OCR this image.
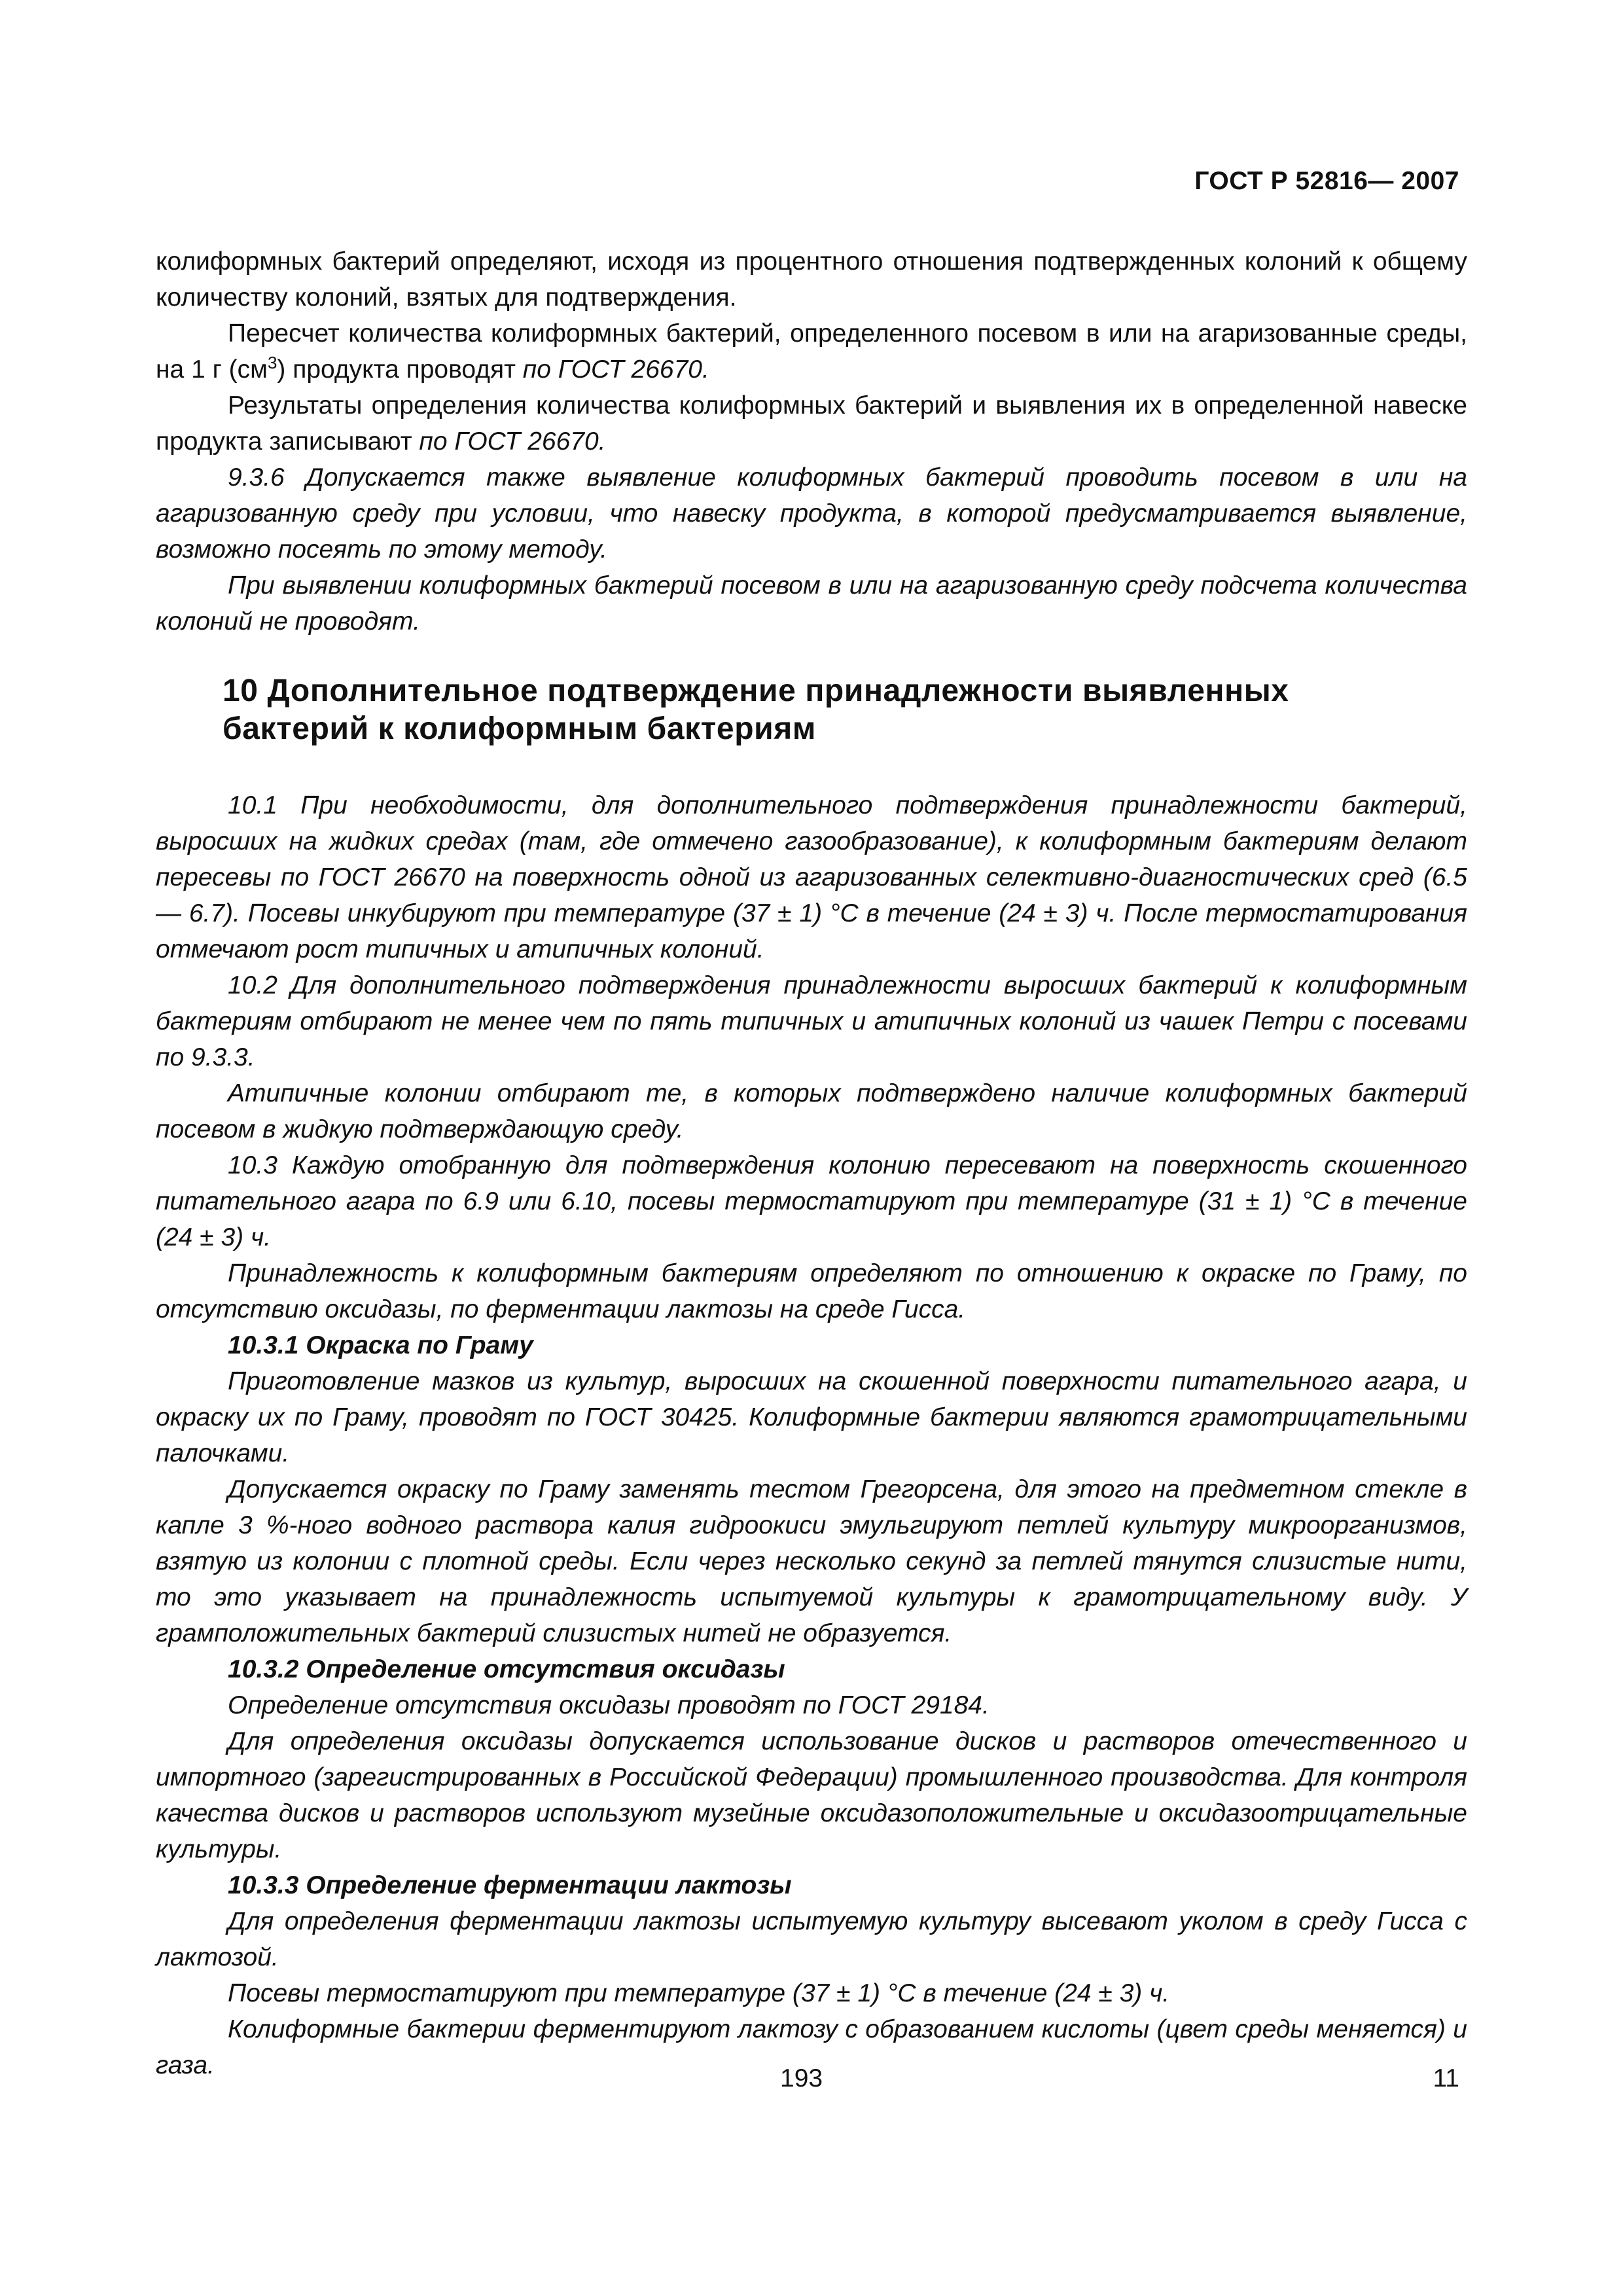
ГОСТ Р 52816— 2007

колиформных бактерий определяют, исходя из процентного отношения подтвержденных колоний к общему количеству колоний, взятых для подтверждения.

Пересчет количества колиформных бактерий, определенного посевом в или на агаризованные среды, на 1 г $(см^3)$ продукта проводят по ГОСТ 26670.

Результаты определения количества колиформных бактерий и выявления их в определенной навеске продукта записывают по ГОСТ 26670.

9.3.6 Допускается также выявление колиформных бактерий проводить посевом в или на агаризованную среду при условии, что навеску продукта, в которой предусматривается выявление, возможно посеять по этому методу.

При выявлении колиформных бактерий посевом в или на агаризованную среду подсчета количества колоний не проводят.

10 Дополнительное подтверждение принадлежности выявленных
бактерий к колиформным бактериям

10.1 При необходимости, для дополнительного подтверждения принадлежности бактерий, выросших на жидких средах (там, где отмечено газообразование), к колиформным бактериям делают пересевы по ГОСТ 26670 на поверхность одной из агаризованных селективно-диагностических сред (6.5 — 6.7). Посевы инкубируют при температуре (37 ± 1) °С в течение (24 ± 3) ч. После термостатирования отмечают рост типичных и атипичных колоний.

10.2 Для дополнительного подтверждения принадлежности выросших бактерий к колиформным бактериям отбирают не менее чем по пять типичных и атипичных колоний из чашек Петри с посевами по 9.3.3.

Атипичные колонии отбирают те, в которых подтверждено наличие колиформных бактерий посевом в жидкую подтверждающую среду.

10.3 Каждую отобранную для подтверждения колонию пересевают на поверхность скошенного питательного агара по 6.9 или 6.10, посевы термостатируют при температуре (31 ± 1) °С в течение (24 ± 3) ч.

Принадлежность к колиформным бактериям определяют по отношению к окраске по Граму, по отсутствию оксидазы, по ферментации лактозы на среде Гисса.

10.3.1 Окраска по Граму

Приготовление мазков из культур, выросших на скошенной поверхности питательного агара, и окраску их по Граму, проводят по ГОСТ 30425. Колиформные бактерии являются грамотрицательными палочками.

Допускается окраску по Граму заменять тестом Грегорсена, для этого на предметном стекле в капле 3 %-ного водного раствора калия гидроокиси эмульгируют петлей культуру микроорганизмов, взятую из колонии с плотной среды. Если через несколько секунд за петлей тянутся слизистые нити, то это указывает на принадлежность испытуемой культуры к грамотрицательному виду. У грамположительных бактерий слизистых нитей не образуется.

10.3.2 Определение отсутствия оксидазы

Определение отсутствия оксидазы проводят по ГОСТ 29184.

Для определения оксидазы допускается использование дисков и растворов отечественного и импортного (зарегистрированных в Российской Федерации) промышленного производства. Для контроля качества дисков и растворов используют музейные оксидазоположительные и оксидазоотрицательные культуры.

10.3.3 Определение ферментации лактозы

Для определения ферментации лактозы испытуемую культуру высевают уколом в среду Гисса с лактозой.

Посевы термостатируют при температуре (37 ± 1) °С в течение (24 ± 3) ч.

Колиформные бактерии ферментируют лактозу с образованием кислоты (цвет среды меняется) и газа.	193	11
